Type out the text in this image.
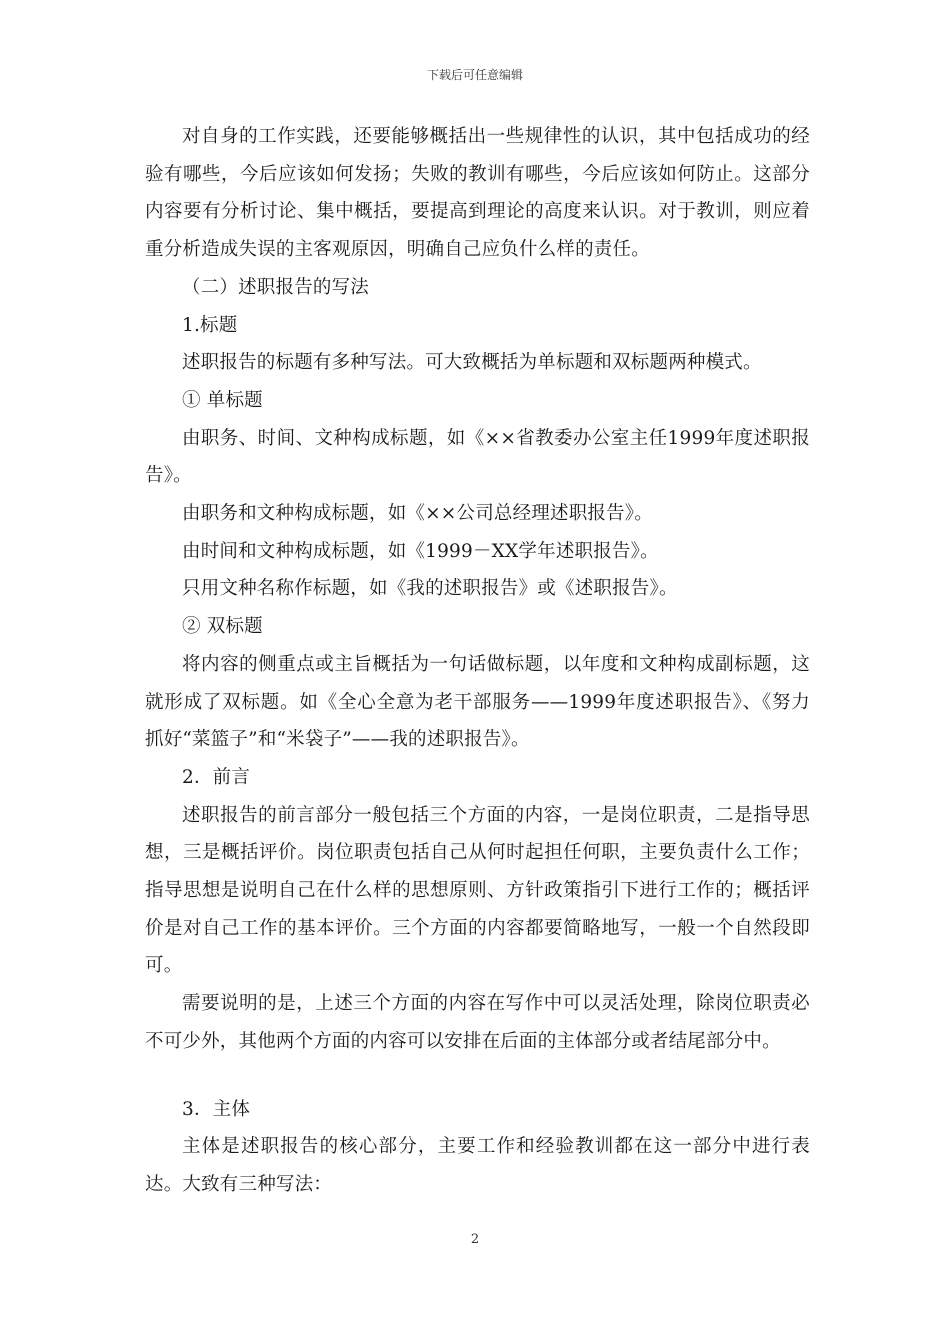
下载后可任意编辑

对自身的工作实践，还要能够概括出一些规律性的认识，其中包括成功的经验有哪些，今后应该如何发扬；失败的教训有哪些，今后应该如何防止。这部分内容要有分析讨论、集中概括，要提高到理论的高度来认识。对于教训，则应着重分析造成失误的主客观原因，明确自己应负什么样的责任。

（二）述职报告的写法

1.标题

述职报告的标题有多种写法。可大致概括为单标题和双标题两种模式。

① 单标题

由职务、时间、文种构成标题，如《××省教委办公室主任1999年度述职报告》。

由职务和文种构成标题，如《××公司总经理述职报告》。

由时间和文种构成标题，如《1999－XX学年述职报告》。

只用文种名称作标题，如《我的述职报告》或《述职报告》。

② 双标题

将内容的侧重点或主旨概括为一句话做标题，以年度和文种构成副标题，这就形成了双标题。如《全心全意为老干部服务——1999年度述职报告》、《努力抓好“菜篮子”和“米袋子”——我的述职报告》。

2．前言

述职报告的前言部分一般包括三个方面的内容，一是岗位职责，二是指导思想，三是概括评价。岗位职责包括自己从何时起担任何职，主要负责什么工作；指导思想是说明自己在什么样的思想原则、方针政策指引下进行工作的；概括评价是对自己工作的基本评价。三个方面的内容都要简略地写，一般一个自然段即可。

需要说明的是，上述三个方面的内容在写作中可以灵活处理，除岗位职责必不可少外，其他两个方面的内容可以安排在后面的主体部分或者结尾部分中。

3．主体

主体是述职报告的核心部分，主要工作和经验教训都在这一部分中进行表达。大致有三种写法：

2
